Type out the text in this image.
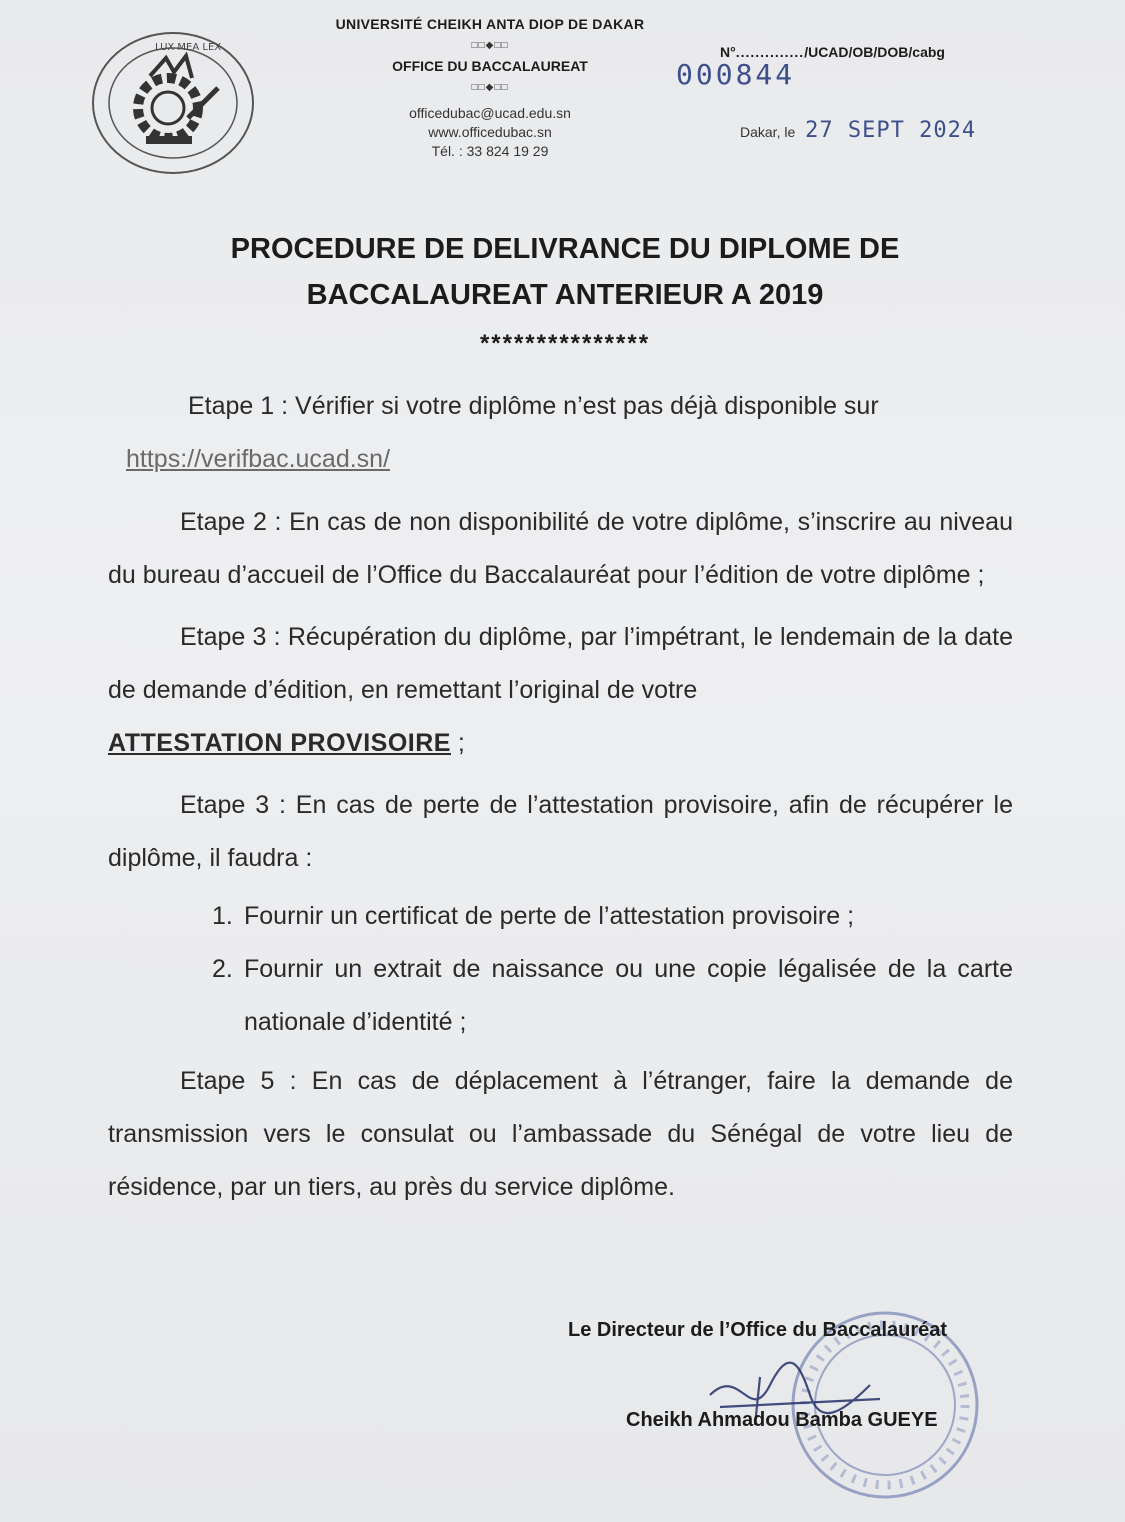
LUX MEA LEX
UNIVERSITÉ CHEIKH ANTA DIOP DE DAKAR
□□◆□□
OFFICE DU BACCALAUREAT
□□◆□□
officedubac@ucad.edu.sn
www.officedubac.sn
Tél. : 33 824 19 29
N°............../UCAD/OB/DOB/cabg
000844
Dakar, le 27 SEPT 2024
PROCEDURE DE DELIVRANCE DU DIPLOME DE
BACCALAUREAT ANTERIEUR A 2019
***************

Etape 1 : Vérifier si votre diplôme n’est pas déjà disponible sur

https://verifbac.ucad.sn/

Etape 2 : En cas de non disponibilité de votre diplôme, s’inscrire au niveau du bureau d’accueil de l’Office du Baccalauréat pour l’édition de votre diplôme ;

Etape 3 : Récupération du diplôme, par l’impétrant, le lendemain de la date de demande d’édition, en remettant l’original de votre
ATTESTATION PROVISOIRE ;

Etape 3 : En cas de perte de l’attestation provisoire, afin de récupérer le diplôme, il faudra :

1. Fournir un certificat de perte de l’attestation provisoire ;
2. Fournir un extrait de naissance ou une copie légalisée de la carte nationale d’identité ;

Etape 5 : En cas de déplacement à l’étranger, faire la demande de transmission vers le consulat ou l’ambassade du Sénégal de votre lieu de résidence, par un tiers, au près du service diplôme.

Le Directeur de l’Office du Baccalauréat
Cheikh Ahmadou Bamba GUEYE
